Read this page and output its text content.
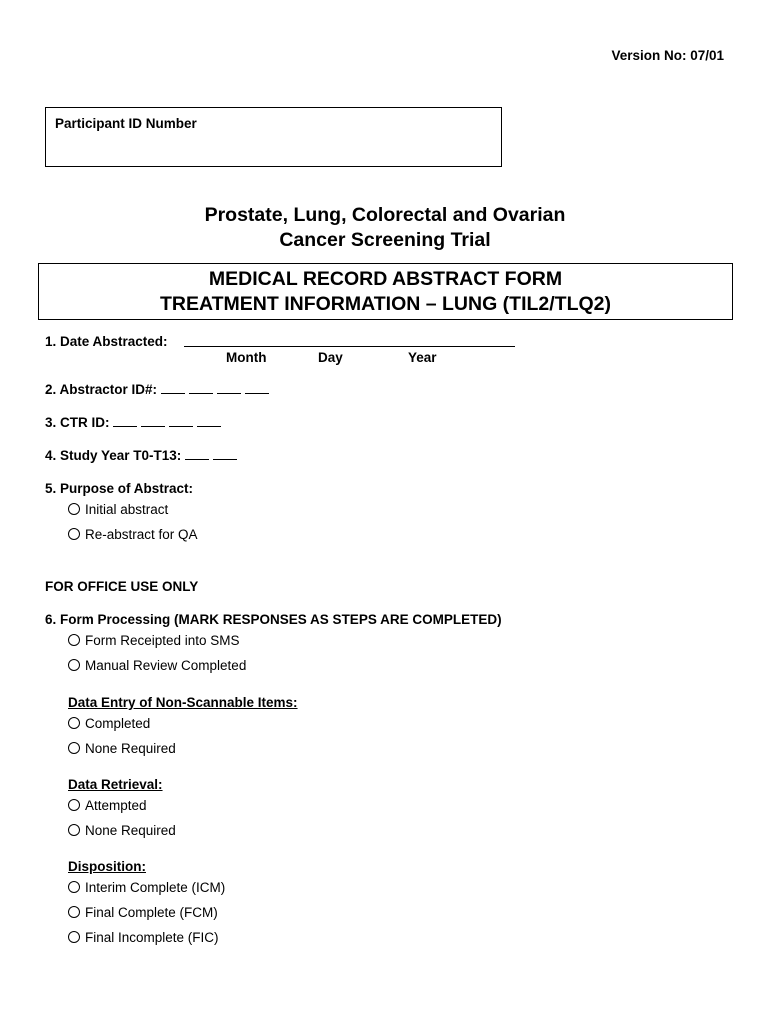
Version No: 07/01
Participant ID Number
Prostate, Lung, Colorectal and Ovarian
Cancer Screening Trial
MEDICAL RECORD ABSTRACT FORM
TREATMENT INFORMATION – LUNG (TIL2/TLQ2)
1. Date Abstracted:
Month	Day	Year
2. Abstractor ID#:
3. CTR ID:
4. Study Year T0-T13:
5. Purpose of Abstract:
Initial abstract
Re-abstract for QA
FOR OFFICE USE ONLY
6. Form Processing (MARK RESPONSES AS STEPS ARE COMPLETED)
Form Receipted into SMS
Manual Review Completed
Data Entry of Non-Scannable Items:
Completed
None Required
Data Retrieval:
Attempted
None Required
Disposition:
Interim Complete (ICM)
Final Complete (FCM)
Final Incomplete (FIC)
